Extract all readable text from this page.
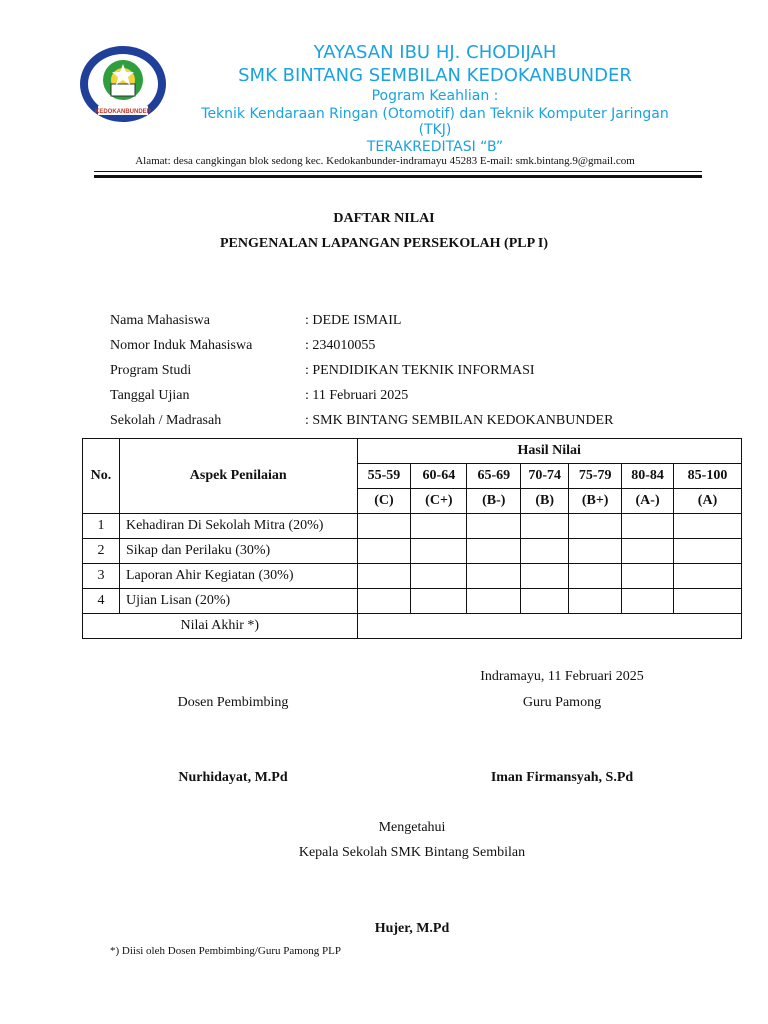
KEDOKANBUNDER
YAYASAN IBU HJ. CHODIJAH
SMK BINTANG SEMBILAN KEDOKANBUNDER
Pogram Keahlian :
Teknik Kendaraan Ringan (Otomotif) dan Teknik Komputer Jaringan (TKJ)
TERAKREDITASI “B”
Alamat: desa cangkingan blok sedong kec. Kedokanbunder-indramayu 45283 E-mail: smk.bintang.9@gmail.com
DAFTAR NILAI
PENGENALAN LAPANGAN PERSEKOLAH (PLP I)
Nama Mahasiswa	: DEDE ISMAIL
Nomor Induk Mahasiswa	: 234010055
Program Studi	: PENDIDIKAN TEKNIK INFORMASI
Tanggal Ujian	: 11 Februari 2025
Sekolah / Madrasah	: SMK BINTANG SEMBILAN KEDOKANBUNDER
No.	Aspek Penilaian	Hasil Nilai						
		55-59	60-64	65-69	70-74	75-79	80-84	85-100
		(C)	(C+)	(B-)	(B)	(B+)	(A-)	(A)
1	Kehadiran Di Sekolah Mitra (20%)							
2	Sikap dan Perilaku (30%)							
3	Laporan Ahir Kegiatan (30%)							
4	Ujian Lisan (20%)							
Nilai Akhir *)								
Indramayu, 11 Februari 2025
Dosen Pembimbing	Guru Pamong
Nurhidayat, M.Pd	Iman Firmansyah, S.Pd
Mengetahui
Kepala Sekolah SMK Bintang Sembilan
Hujer, M.Pd
*) Diisi oleh Dosen Pembimbing/Guru Pamong PLP
